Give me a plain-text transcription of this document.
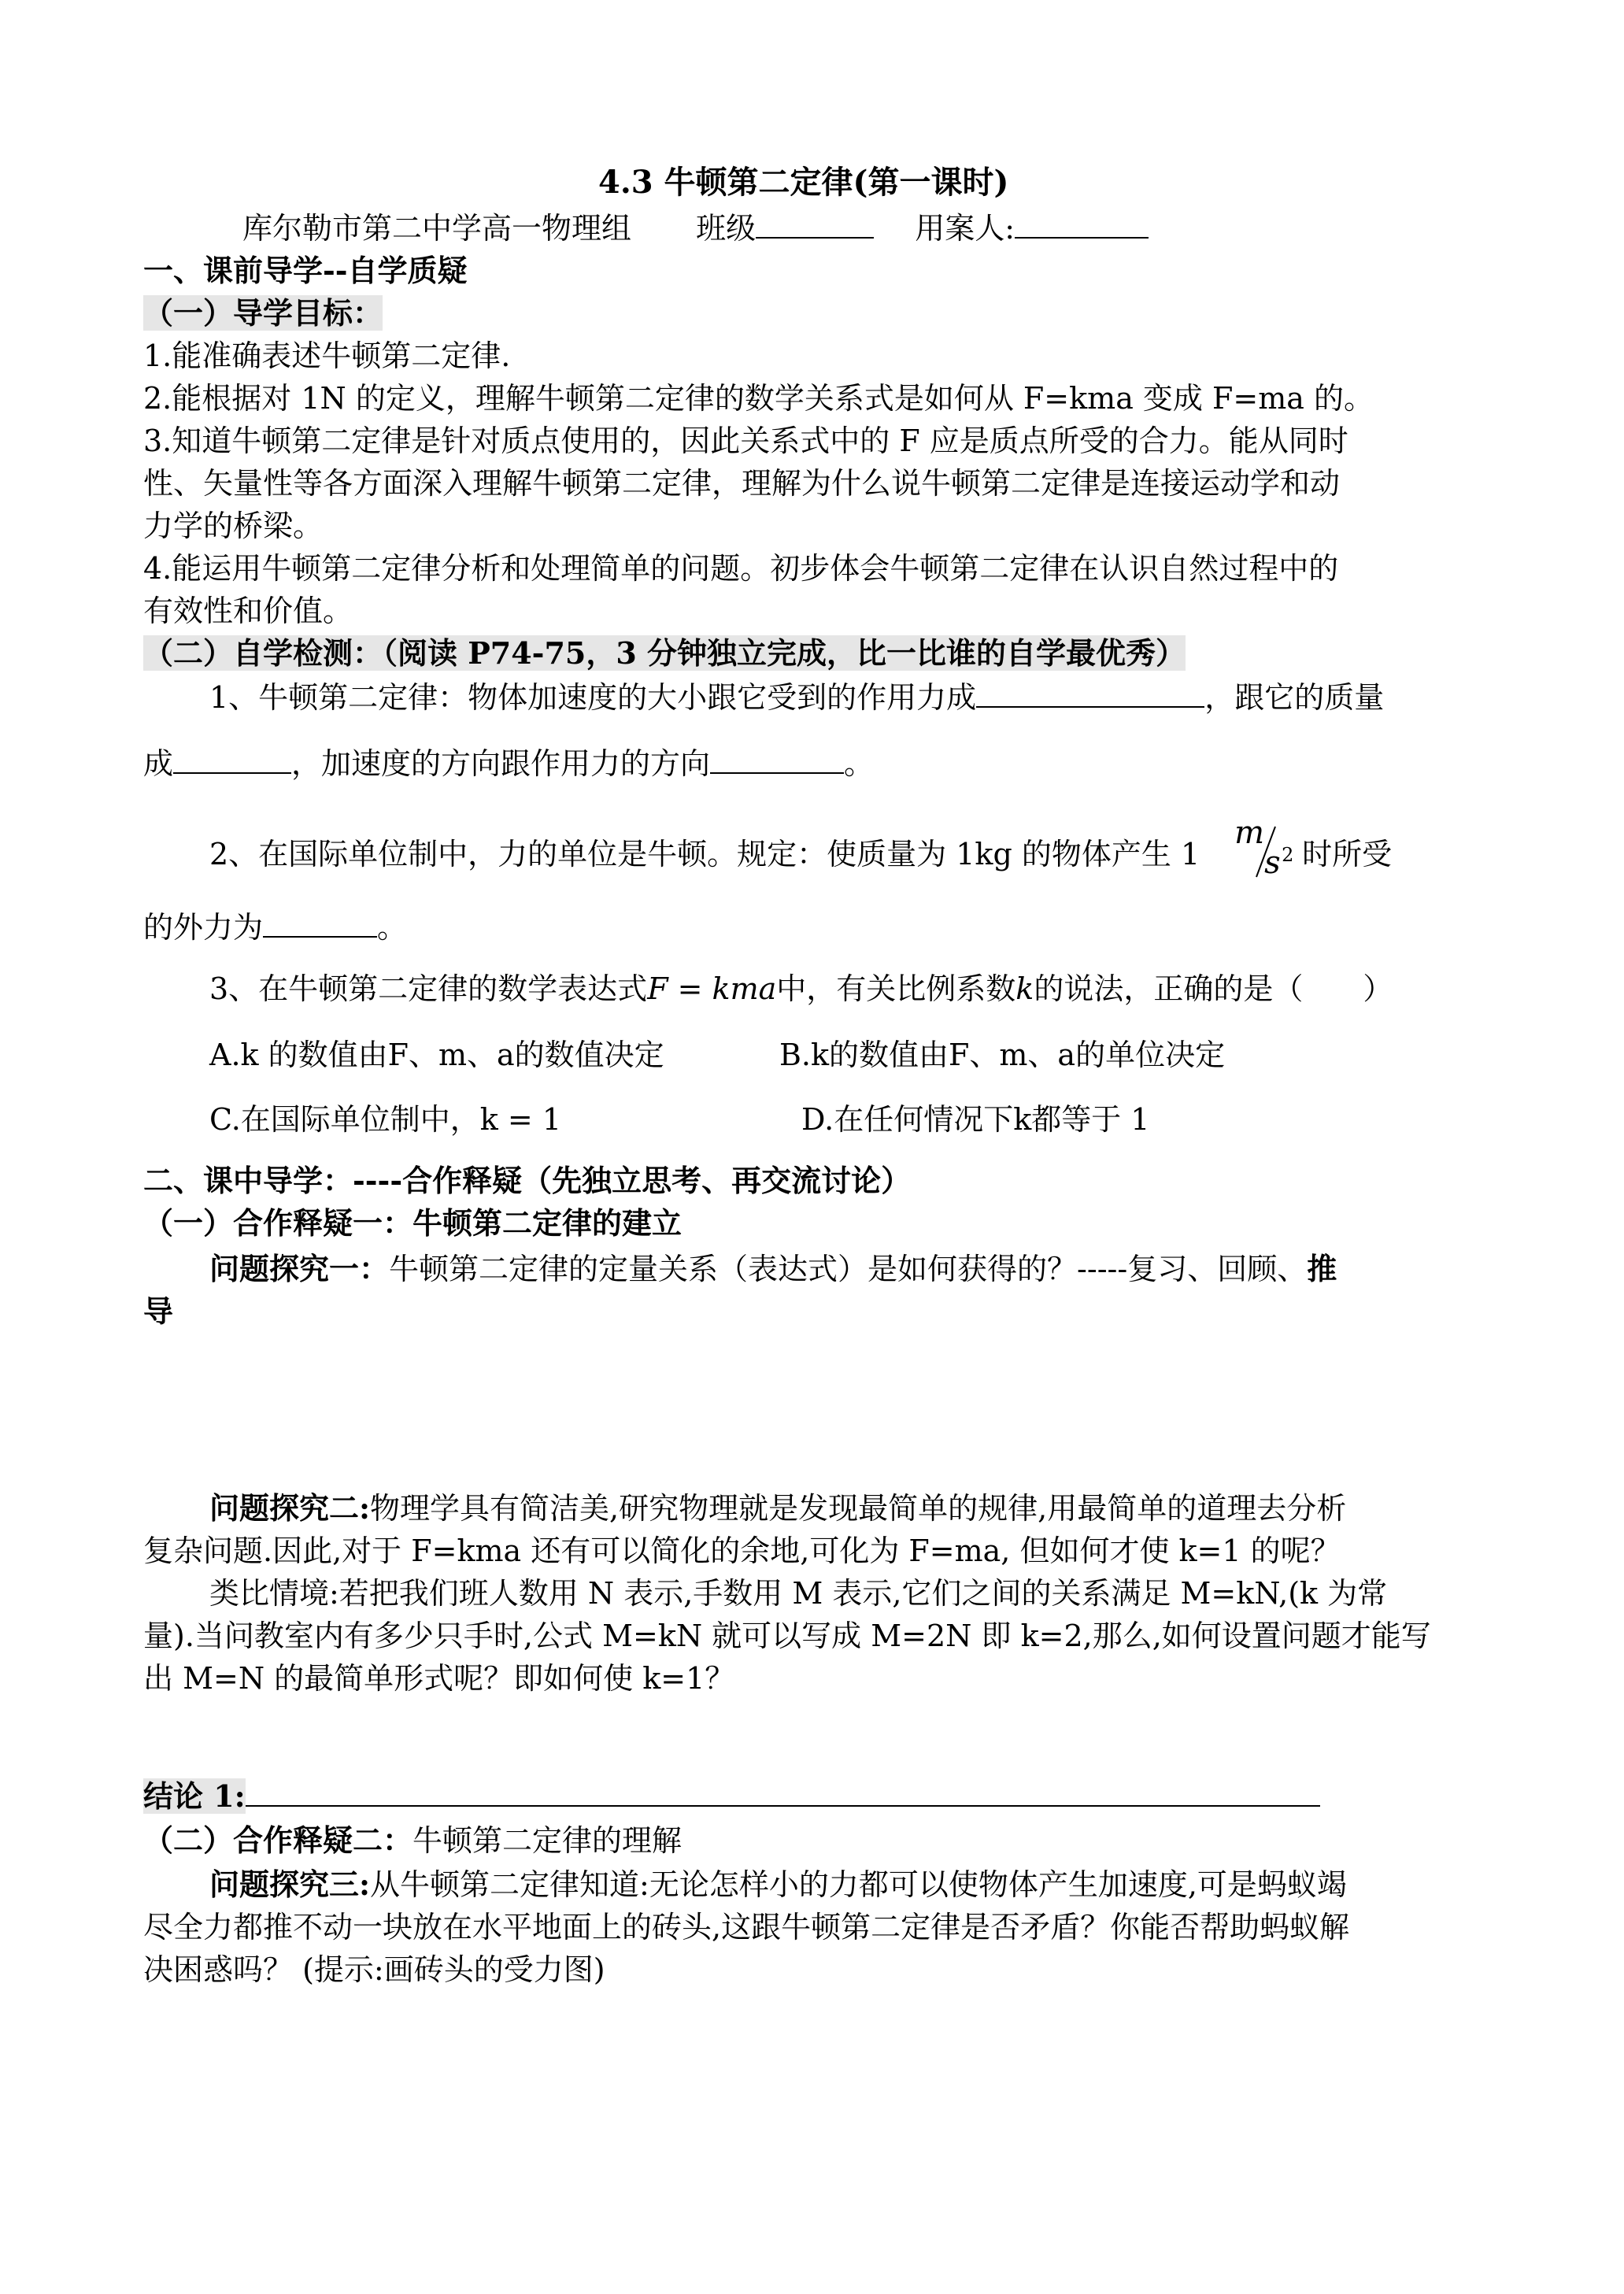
4.3 牛顿第二定律(第一课时)
库尔勒市第二中学高一物理组 班级	用案人:
一、课前导学--自学质疑
（一）导学目标：
1.能准确表述牛顿第二定律.
2.能根据对 1N 的定义，理解牛顿第二定律的数学关系式是如何从 F=kma 变成 F=ma 的。
3.知道牛顿第二定律是针对质点使用的，因此关系式中的 F 应是质点所受的合力。能从同时
性、矢量性等各方面深入理解牛顿第二定律，理解为什么说牛顿第二定律是连接运动学和动
力学的桥梁。
4.能运用牛顿第二定律分析和处理简单的问题。初步体会牛顿第二定律在认识自然过程中的
有效性和价值。
（二）自学检测：（阅读 P74-75，3 分钟独立完成，比一比谁的自学最优秀）
1、牛顿第二定律：物体加速度的大小跟它受到的作用力成	，跟它的质量
成	，加速度的方向跟作用力的方向	。
2、在国际单位制中，力的单位是牛顿。规定：使质量为 1kg 的物体产生 1
m
s 2 时所受
的外力为	。
3、在牛顿第二定律的数学表达式F = kma中，有关比例系数k的说法，正确的是（　　）
A.k 的数值由F、m、a的数值决定	B.k的数值由F、m、a的单位决定
C.在国际单位制中，k = 1	D.在任何情况下k都等于 1
二、课中导学：----合作释疑（先独立思考、再交流讨论）
（一）合作释疑一：牛顿第二定律的建立
问题探究一：牛顿第二定律的定量关系（表达式）是如何获得的？-----复习、回顾、推
导
问题探究二:物理学具有简洁美,研究物理就是发现最简单的规律,用最简单的道理去分析
复杂问题.因此,对于 F=kma 还有可以简化的余地,可化为 F=ma, 但如何才使 k=1 的呢？
类比情境:若把我们班人数用 N 表示,手数用 M 表示,它们之间的关系满足 M=kN,(k 为常
量).当问教室内有多少只手时,公式 M=kN 就可以写成 M=2N 即 k=2,那么,如何设置问题才能写
出 M=N 的最简单形式呢？即如何使 k=1？
结论 1:
（二）合作释疑二：牛顿第二定律的理解
问题探究三:从牛顿第二定律知道:无论怎样小的力都可以使物体产生加速度,可是蚂蚁竭
尽全力都推不动一块放在水平地面上的砖头,这跟牛顿第二定律是否矛盾？你能否帮助蚂蚁解
决困惑吗？ (提示:画砖头的受力图)
